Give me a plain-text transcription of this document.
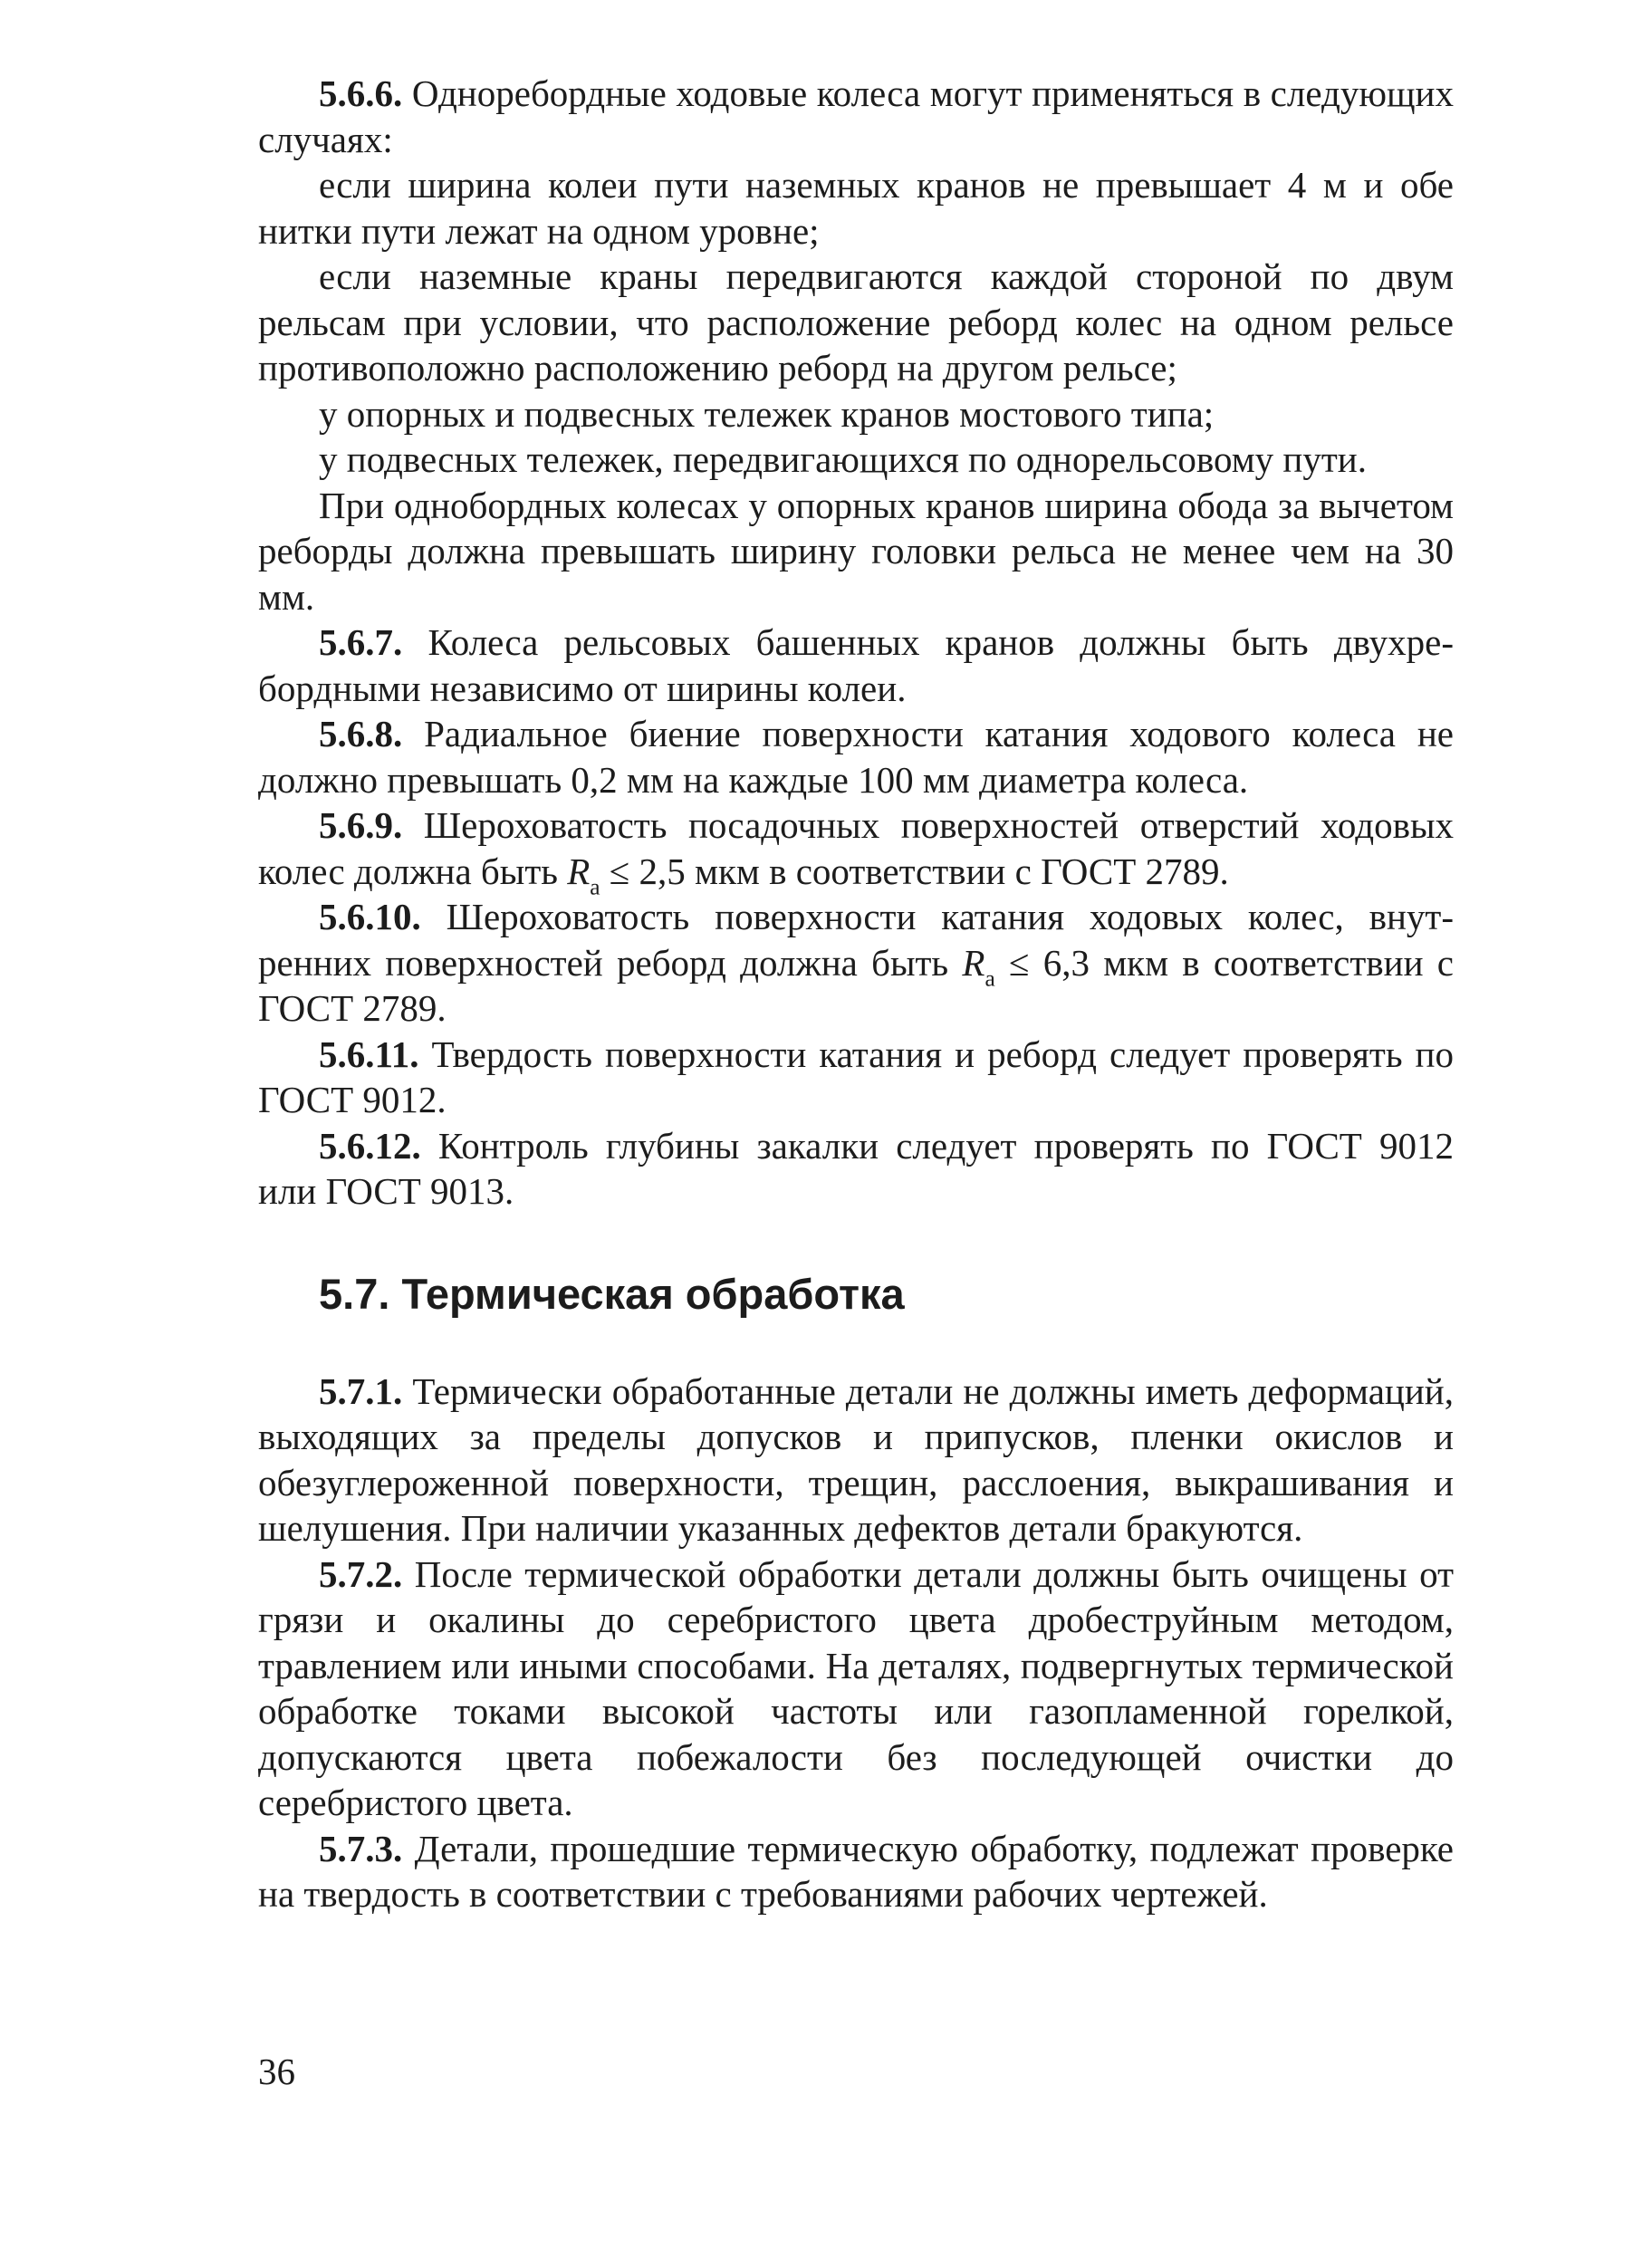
5.6.6. Одноребордные ходовые колеса могут применяться в следующих случаях:

если ширина колеи пути наземных кранов не превышает 4 м и обе нитки пути лежат на одном уровне;

если наземные краны передвигаются каждой стороной по двум рельсам при условии, что расположение реборд колес на одном рельсе противоположно расположению реборд на другом рельсе;

у опорных и подвесных тележек кранов мостового типа;

у подвесных тележек, передвигающихся по однорельсовому пути.

При однобордных колесах у опорных кранов ширина обода за вычетом реборды должна превышать ширину головки рельса не менее чем на 30 мм.

5.6.7. Колеса рельсовых башенных кранов должны быть двухребордными независимо от ширины колеи.

5.6.8. Радиальное биение поверхности катания ходового колеса не должно превышать 0,2 мм на каждые 100 мм диаметра колеса.

5.6.9. Шероховатость посадочных поверхностей отверстий ходовых колес должна быть $R_a \le 2,5$ мкм в соответствии с ГОСТ 2789.

5.6.10. Шероховатость поверхности катания ходовых колес, внутренних поверхностей реборд должна быть $R_a \le 6,3$ мкм в соответствии с ГОСТ 2789.

5.6.11. Твердость поверхности катания и реборд следует проверять по ГОСТ 9012.

5.6.12. Контроль глубины закалки следует проверять по ГОСТ 9012 или ГОСТ 9013.

5.7. Термическая обработка

5.7.1. Термически обработанные детали не должны иметь деформаций, выходящих за пределы допусков и припусков, пленки окислов и обезуглероженной поверхности, трещин, расслоения, выкрашивания и шелушения. При наличии указанных дефектов детали бракуются.

5.7.2. После термической обработки детали должны быть очищены от грязи и окалины до серебристого цвета дробеструйным методом, травлением или иными способами. На деталях, подвергнутых термической обработке токами высокой частоты или газопламенной горелкой, допускаются цвета побежалости без последующей очистки до серебристого цвета.

5.7.3. Детали, прошедшие термическую обработку, подлежат проверке на твердость в соответствии с требованиями рабочих чертежей.

36
